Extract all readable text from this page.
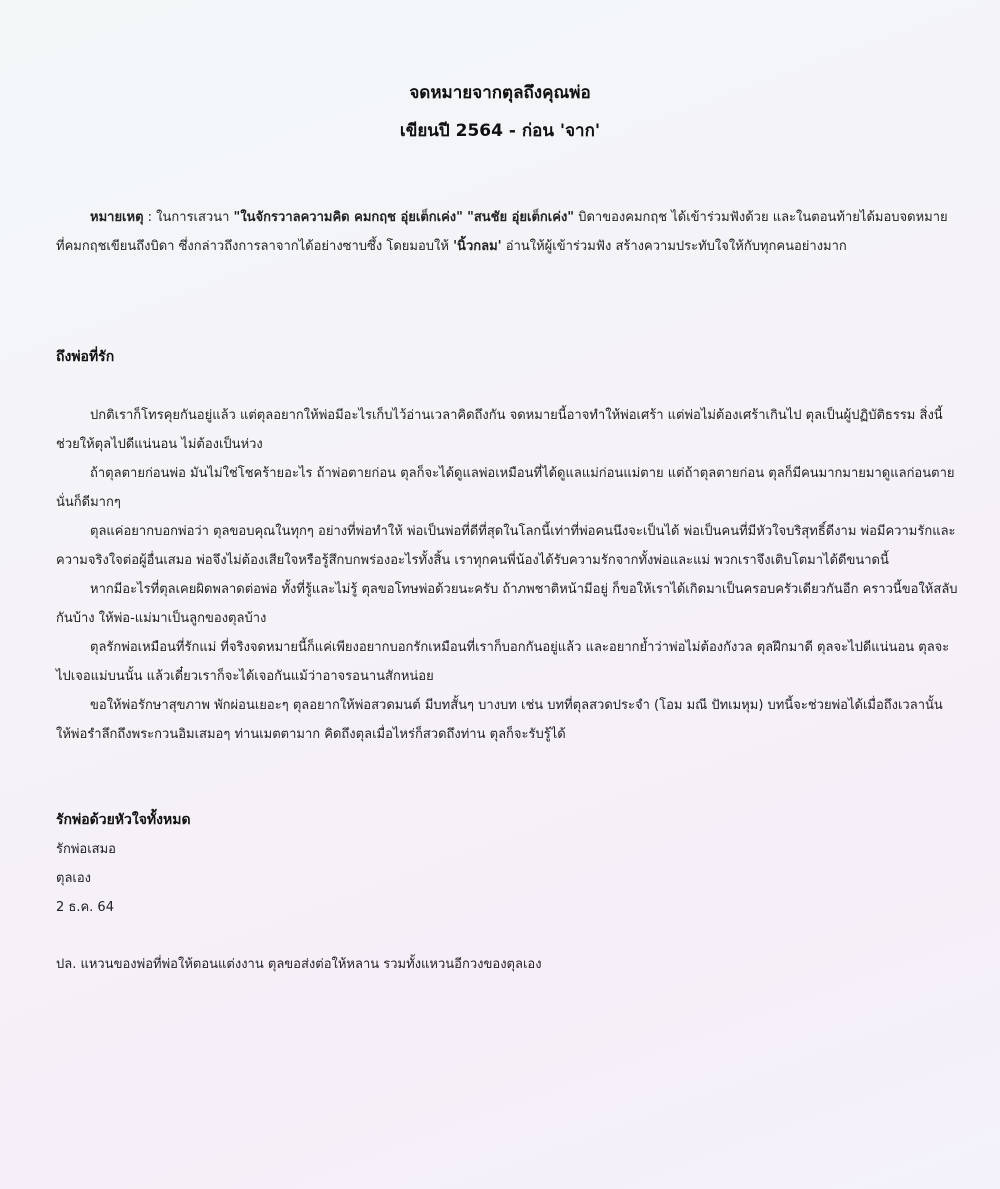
จดหมายจากตุลถึงคุณพ่อ
เขียนปี 2564 - ก่อน 'จาก'
หมายเหตุ : ในการเสวนา "ในจักรวาลความคิด คมกฤช อุ่ยเต็กเค่ง" "สนชัย อุ่ยเต็กเค่ง" บิดาของคมกฤช ได้เข้าร่วมฟังด้วย และในตอนท้ายได้มอบจดหมายที่คมกฤชเขียนถึงบิดา ซึ่งกล่าวถึงการลาจากได้อย่างซาบซึ้ง โดยมอบให้ 'นิ้วกลม' อ่านให้ผู้เข้าร่วมฟัง สร้างความประทับใจให้กับทุกคนอย่างมาก
ถึงพ่อที่รัก

ปกติเราก็โทรคุยกันอยู่แล้ว แต่ตุลอยากให้พ่อมีอะไรเก็บไว้อ่านเวลาคิดถึงกัน จดหมายนี้อาจทำให้พ่อเศร้า แต่พ่อไม่ต้องเศร้าเกินไป ตุลเป็นผู้ปฏิบัติธรรม สิ่งนี้ช่วยให้ตุลไปดีแน่นอน ไม่ต้องเป็นห่วง

ถ้าตุลตายก่อนพ่อ มันไม่ใช่โชคร้ายอะไร ถ้าพ่อตายก่อน ตุลก็จะได้ดูแลพ่อเหมือนที่ได้ดูแลแม่ก่อนแม่ตาย แต่ถ้าตุลตายก่อน ตุลก็มีคนมากมายมาดูแลก่อนตาย นั่นก็ดีมากๆ

ตุลแค่อยากบอกพ่อว่า ตุลขอบคุณในทุกๆ อย่างที่พ่อทำให้ พ่อเป็นพ่อที่ดีที่สุดในโลกนี้เท่าที่พ่อคนนึงจะเป็นได้ พ่อเป็นคนที่มีหัวใจบริสุทธิ์ดีงาม พ่อมีความรักและความจริงใจต่อผู้อื่นเสมอ พ่อจึงไม่ต้องเสียใจหรือรู้สึกบกพร่องอะไรทั้งสิ้น เราทุกคนพี่น้องได้รับความรักจากทั้งพ่อและแม่ พวกเราจึงเติบโตมาได้ดีขนาดนี้

หากมีอะไรที่ตุลเคยผิดพลาดต่อพ่อ ทั้งที่รู้และไม่รู้ ตุลขอโทษพ่อด้วยนะครับ ถ้าภพชาติหน้ามีอยู่ ก็ขอให้เราได้เกิดมาเป็นครอบครัวเดียวกันอีก คราวนี้ขอให้สลับกันบ้าง ให้พ่อ-แม่มาเป็นลูกของตุลบ้าง

ตุลรักพ่อเหมือนที่รักแม่ ที่จริงจดหมายนี้ก็แค่เพียงอยากบอกรักเหมือนที่เราก็บอกกันอยู่แล้ว และอยากย้ำว่าพ่อไม่ต้องกังวล ตุลฝึกมาดี ตุลจะไปดีแน่นอน ตุลจะไปเจอแม่บนนั้น แล้วเดี๋ยวเราก็จะได้เจอกันแม้ว่าอาจรอนานสักหน่อย

ขอให้พ่อรักษาสุขภาพ พักผ่อนเยอะๆ ตุลอยากให้พ่อสวดมนต์ มีบทสั้นๆ บางบท เช่น บทที่ตุลสวดประจำ (โอม มณี ปัทเมหุม) บทนี้จะช่วยพ่อได้เมื่อถึงเวลานั้น ให้พ่อรำลึกถึงพระกวนอิมเสมอๆ ท่านเมตตามาก คิดถึงตุลเมื่อไหร่ก็สวดถึงท่าน ตุลก็จะรับรู้ได้

รักพ่อด้วยหัวใจทั้งหมด
รักพ่อเสมอ
ตุลเอง
2 ธ.ค. 64
ปล. แหวนของพ่อที่พ่อให้ตอนแต่งงาน ตุลขอส่งต่อให้หลาน รวมทั้งแหวนอีกวงของตุลเอง
